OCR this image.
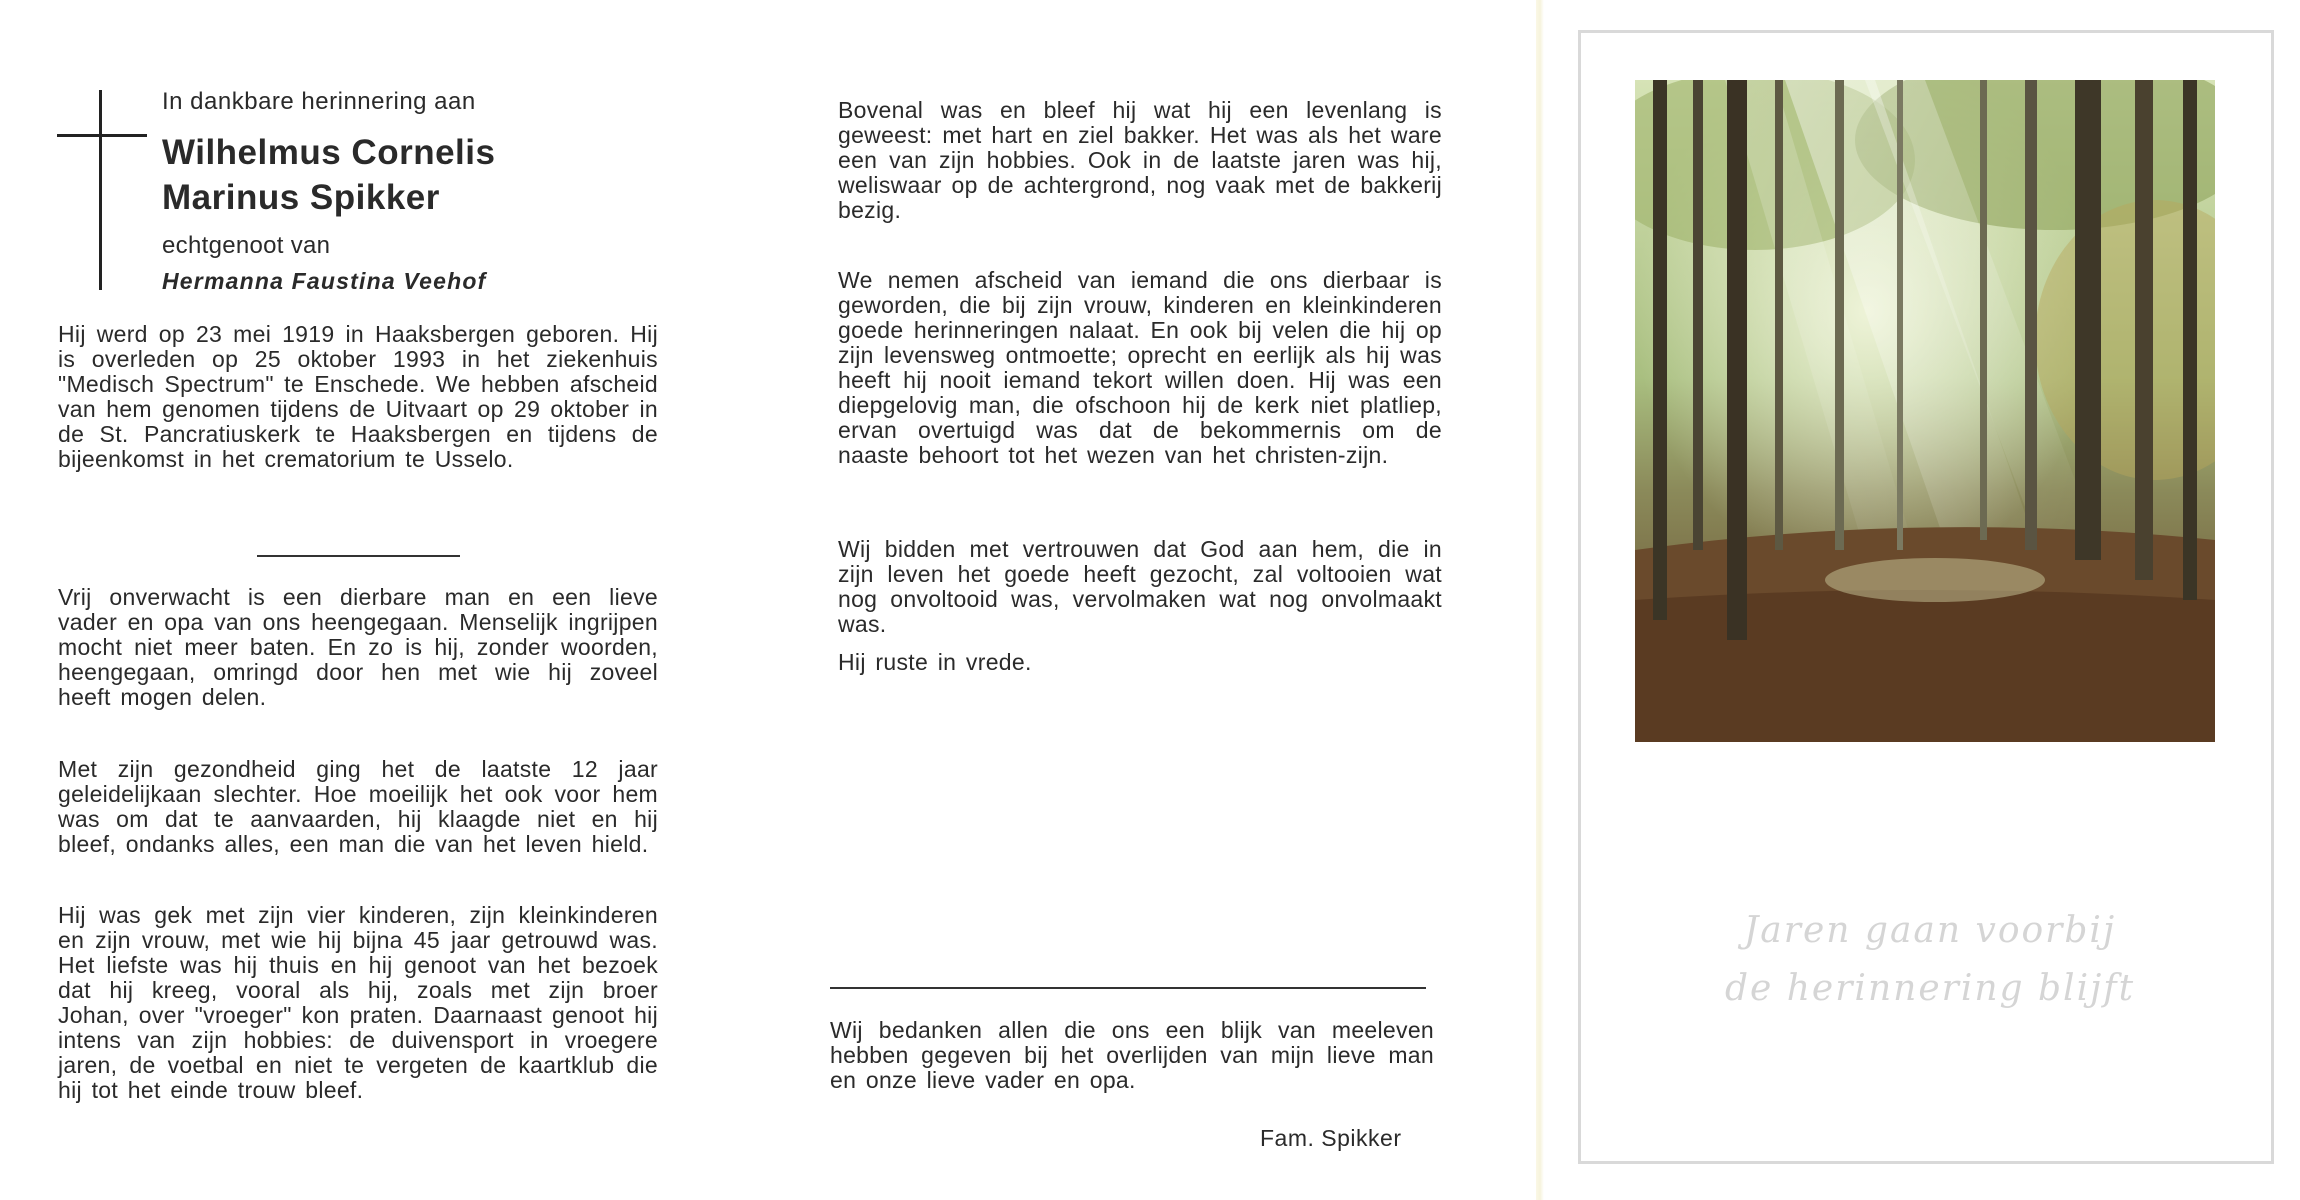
In dankbare herinnering aan
Wilhelmus Cornelis
Marinus Spikker
echtgenoot van
Hermanna Faustina Veehof

Hij werd op 23 mei 1919 in Haaksbergen geboren. Hij is overleden op 25 oktober 1993 in het ziekenhuis "Medisch Spectrum" te Enschede. We hebben afscheid van hem genomen tijdens de Uitvaart op 29 oktober in de St. Pancratiuskerk te Haaksbergen en tijdens de bijeenkomst in het crematorium te Usselo.

Vrij onverwacht is een dierbare man en een lieve vader en opa van ons heengegaan. Menselijk ingrijpen mocht niet meer baten. En zo is hij, zonder woorden, heengegaan, omringd door hen met wie hij zoveel heeft mogen delen.

Met zijn gezondheid ging het de laatste 12 jaar geleidelijkaan slechter. Hoe moeilijk het ook voor hem was om dat te aanvaarden, hij klaagde niet en hij bleef, ondanks alles, een man die van het leven hield.

Hij was gek met zijn vier kinderen, zijn kleinkinderen en zijn vrouw, met wie hij bijna 45 jaar getrouwd was. Het liefste was hij thuis en hij genoot van het bezoek dat hij kreeg, vooral als hij, zoals met zijn broer Johan, over "vroeger" kon praten. Daarnaast genoot hij intens van zijn hobbies: de duivensport in vroegere jaren, de voetbal en niet te vergeten de kaartklub die hij tot het einde trouw bleef.

Bovenal was en bleef hij wat hij een levenlang is geweest: met hart en ziel bakker. Het was als het ware een van zijn hobbies. Ook in de laatste jaren was hij, weliswaar op de achtergrond, nog vaak met de bakkerij bezig.

We nemen afscheid van iemand die ons dierbaar is geworden, die bij zijn vrouw, kinderen en kleinkinderen goede herinneringen nalaat. En ook bij velen die hij op zijn levensweg ontmoette; oprecht en eerlijk als hij was heeft hij nooit iemand tekort willen doen. Hij was een diepgelovig man, die ofschoon hij de kerk niet platliep, ervan overtuigd was dat de bekommernis om de naaste behoort tot het wezen van het christen-zijn.

Wij bidden met vertrouwen dat God aan hem, die in zijn leven het goede heeft gezocht, zal voltooien wat nog onvoltooid was, vervolmaken wat nog onvolmaakt was.

Hij ruste in vrede.

Wij bedanken allen die ons een blijk van meeleven hebben gegeven bij het overlijden van mijn lieve man en onze lieve vader en opa.

Fam. Spikker
Jaren gaan voorbij
de herinnering blijft
